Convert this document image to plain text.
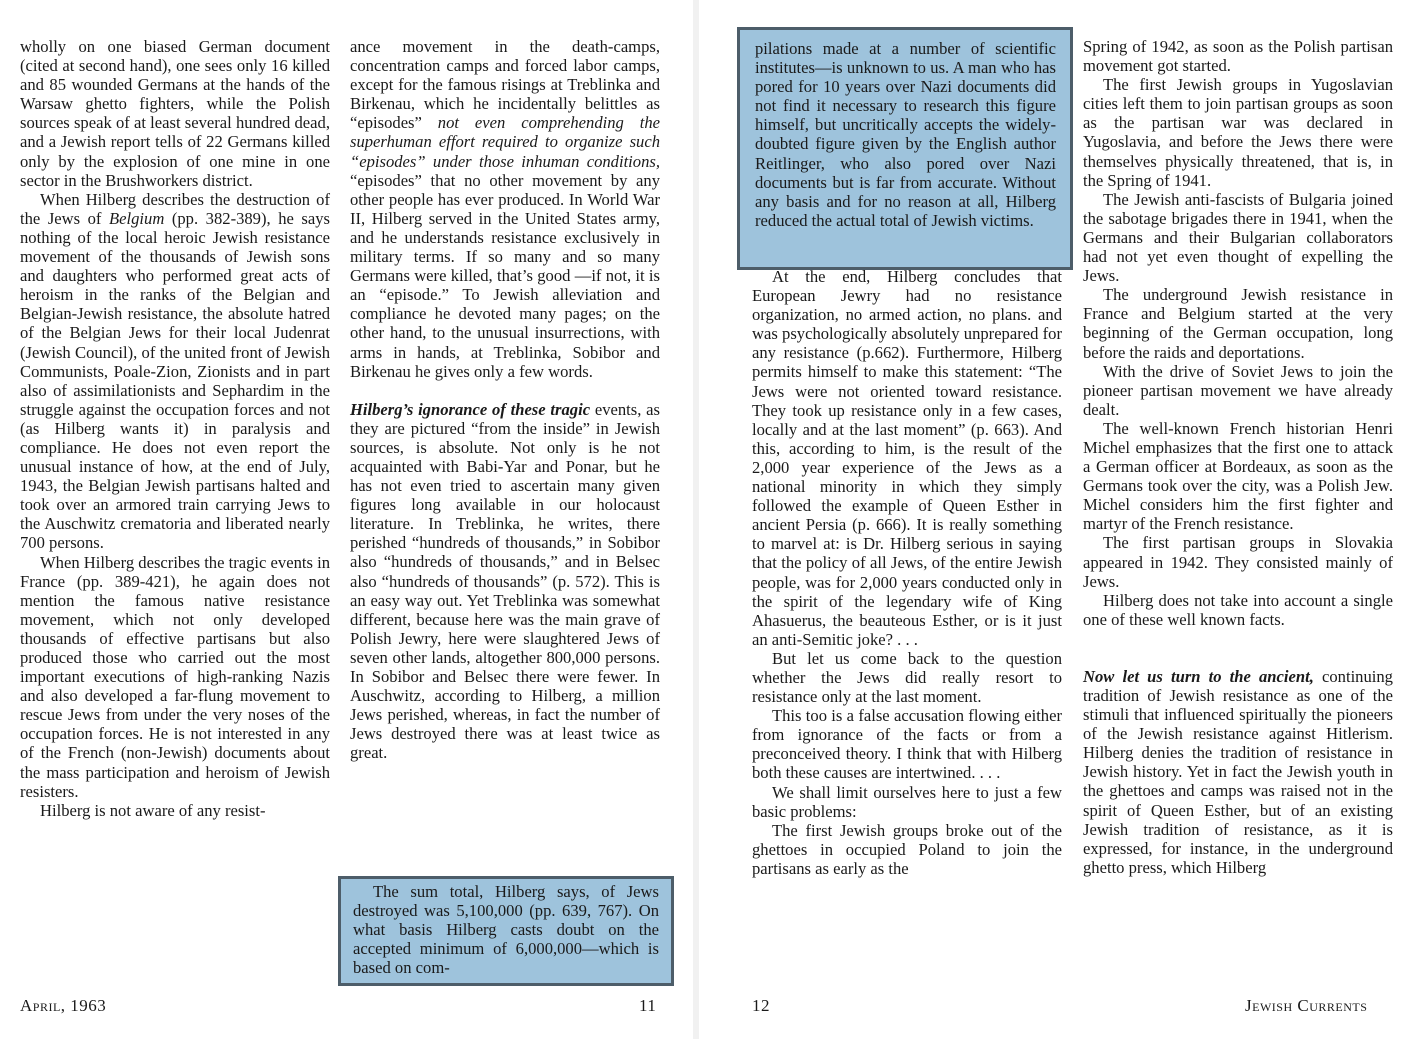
wholly on one biased German document (cited at second hand), one sees only 16 killed and 85 wounded Germans at the hands of the Warsaw ghetto fighters, while the Polish sources speak of at least several hundred dead, and a Jewish report tells of 22 Germans killed only by the explosion of one mine in one sector in the Brushworkers district.

When Hilberg describes the destruction of the Jews of Belgium (pp. 382-389), he says nothing of the local heroic Jewish resistance movement of the thousands of Jewish sons and daughters who performed great acts of heroism in the ranks of the Belgian and Belgian-Jewish resistance, the absolute hatred of the Belgian Jews for their local Judenrat (Jewish Council), of the united front of Jewish Communists, Poale-Zion, Zionists and in part also of assimilationists and Sephardim in the struggle against the occupation forces and not (as Hilberg wants it) in paralysis and compliance. He does not even report the unusual instance of how, at the end of July, 1943, the Belgian Jewish partisans halted and took over an armored train carrying Jews to the Auschwitz crematoria and liberated nearly 700 persons.

When Hilberg describes the tragic events in France (pp. 389-421), he again does not mention the famous native resistance movement, which not only developed thousands of effective partisans but also produced those who carried out the most important executions of high-ranking Nazis and also developed a far-flung movement to rescue Jews from under the very noses of the occupation forces. He is not interested in any of the French (non-Jewish) documents about the mass participation and heroism of Jewish resisters.

Hilberg is not aware of any resist-

ance movement in the death-camps, concentration camps and forced labor camps, except for the famous risings at Treblinka and Birkenau, which he incidentally belittles as “episodes” not even comprehending the superhuman effort required to organize such “episodes” under those inhuman conditions, “episodes” that no other movement by any other people has ever produced. In World War II, Hilberg served in the United States army, and he understands resistance exclusively in military terms. If so many and so many Germans were killed, that’s good —if not, it is an “episode.” To Jewish alleviation and compliance he devoted many pages; on the other hand, to the unusual insurrections, with arms in hands, at Treblinka, Sobibor and Birkenau he gives only a few words.

Hilberg’s ignorance of these tragic events, as they are pictured “from the inside” in Jewish sources, is absolute. Not only is he not acquainted with Babi-Yar and Ponar, but he has not even tried to ascertain many given figures long available in our holocaust literature. In Treblinka, he writes, there perished “hundreds of thousands,” in Sobibor also “hundreds of thousands,” and in Belsec also “hundreds of thousands” (p. 572). This is an easy way out. Yet Treblinka was somewhat different, because here was the main grave of Polish Jewry, here were slaughtered Jews of seven other lands, altogether 800,000 persons. In Sobibor and Belsec there were fewer. In Auschwitz, according to Hilberg, a million Jews perished, whereas, in fact the number of Jews destroyed there was at least twice as great.

The sum total, Hilberg says, of Jews destroyed was 5,100,000 (pp. 639, 767). On what basis Hilberg casts doubt on the accepted minimum of 6,000,000—which is based on com-

April, 1963	11

pilations made at a number of scientific institutes—is unknown to us. A man who has pored for 10 years over Nazi documents did not find it necessary to research this figure himself, but uncritically accepts the widely-doubted figure given by the English author Reitlinger, who also pored over Nazi documents but is far from accurate. Without any basis and for no reason at all, Hilberg reduced the actual total of Jewish victims.

At the end, Hilberg concludes that European Jewry had no resistance organization, no armed action, no plans. and was psychologically absolutely unprepared for any resistance (p.662). Furthermore, Hilberg permits himself to make this statement: “The Jews were not oriented toward resistance. They took up resistance only in a few cases, locally and at the last moment” (p. 663). And this, according to him, is the result of the 2,000 year experience of the Jews as a national minority in which they simply followed the example of Queen Esther in ancient Persia (p. 666). It is really something to marvel at: is Dr. Hilberg serious in saying that the policy of all Jews, of the entire Jewish people, was for 2,000 years conducted only in the spirit of the legendary wife of King Ahasuerus, the beauteous Esther, or is it just an anti-Semitic joke? . . .

But let us come back to the question whether the Jews did really resort to resistance only at the last moment.

This too is a false accusation flowing either from ignorance of the facts or from a preconceived theory. I think that with Hilberg both these causes are intertwined. . . .

We shall limit ourselves here to just a few basic problems:

The first Jewish groups broke out of the ghettoes in occupied Poland to join the partisans as early as the

Spring of 1942, as soon as the Polish partisan movement got started.

The first Jewish groups in Yugoslavian cities left them to join partisan groups as soon as the partisan war was declared in Yugoslavia, and before the Jews there were themselves physically threatened, that is, in the Spring of 1941.

The Jewish anti-fascists of Bulgaria joined the sabotage brigades there in 1941, when the Germans and their Bulgarian collaborators had not yet even thought of expelling the Jews.

The underground Jewish resistance in France and Belgium started at the very beginning of the German occupation, long before the raids and deportations.

With the drive of Soviet Jews to join the pioneer partisan movement we have already dealt.

The well-known French historian Henri Michel emphasizes that the first one to attack a German officer at Bordeaux, as soon as the Germans took over the city, was a Polish Jew. Michel considers him the first fighter and martyr of the French resistance.

The first partisan groups in Slovakia appeared in 1942. They consisted mainly of Jews.

Hilberg does not take into account a single one of these well known facts.

Now let us turn to the ancient, continuing tradition of Jewish resistance as one of the stimuli that influenced spiritually the pioneers of the Jewish resistance against Hitlerism. Hilberg denies the tradition of resistance in Jewish history. Yet in fact the Jewish youth in the ghettoes and camps was raised not in the spirit of Queen Esther, but of an existing Jewish tradition of resistance, as it is expressed, for instance, in the underground ghetto press, which Hilberg

12	Jewish Currents
